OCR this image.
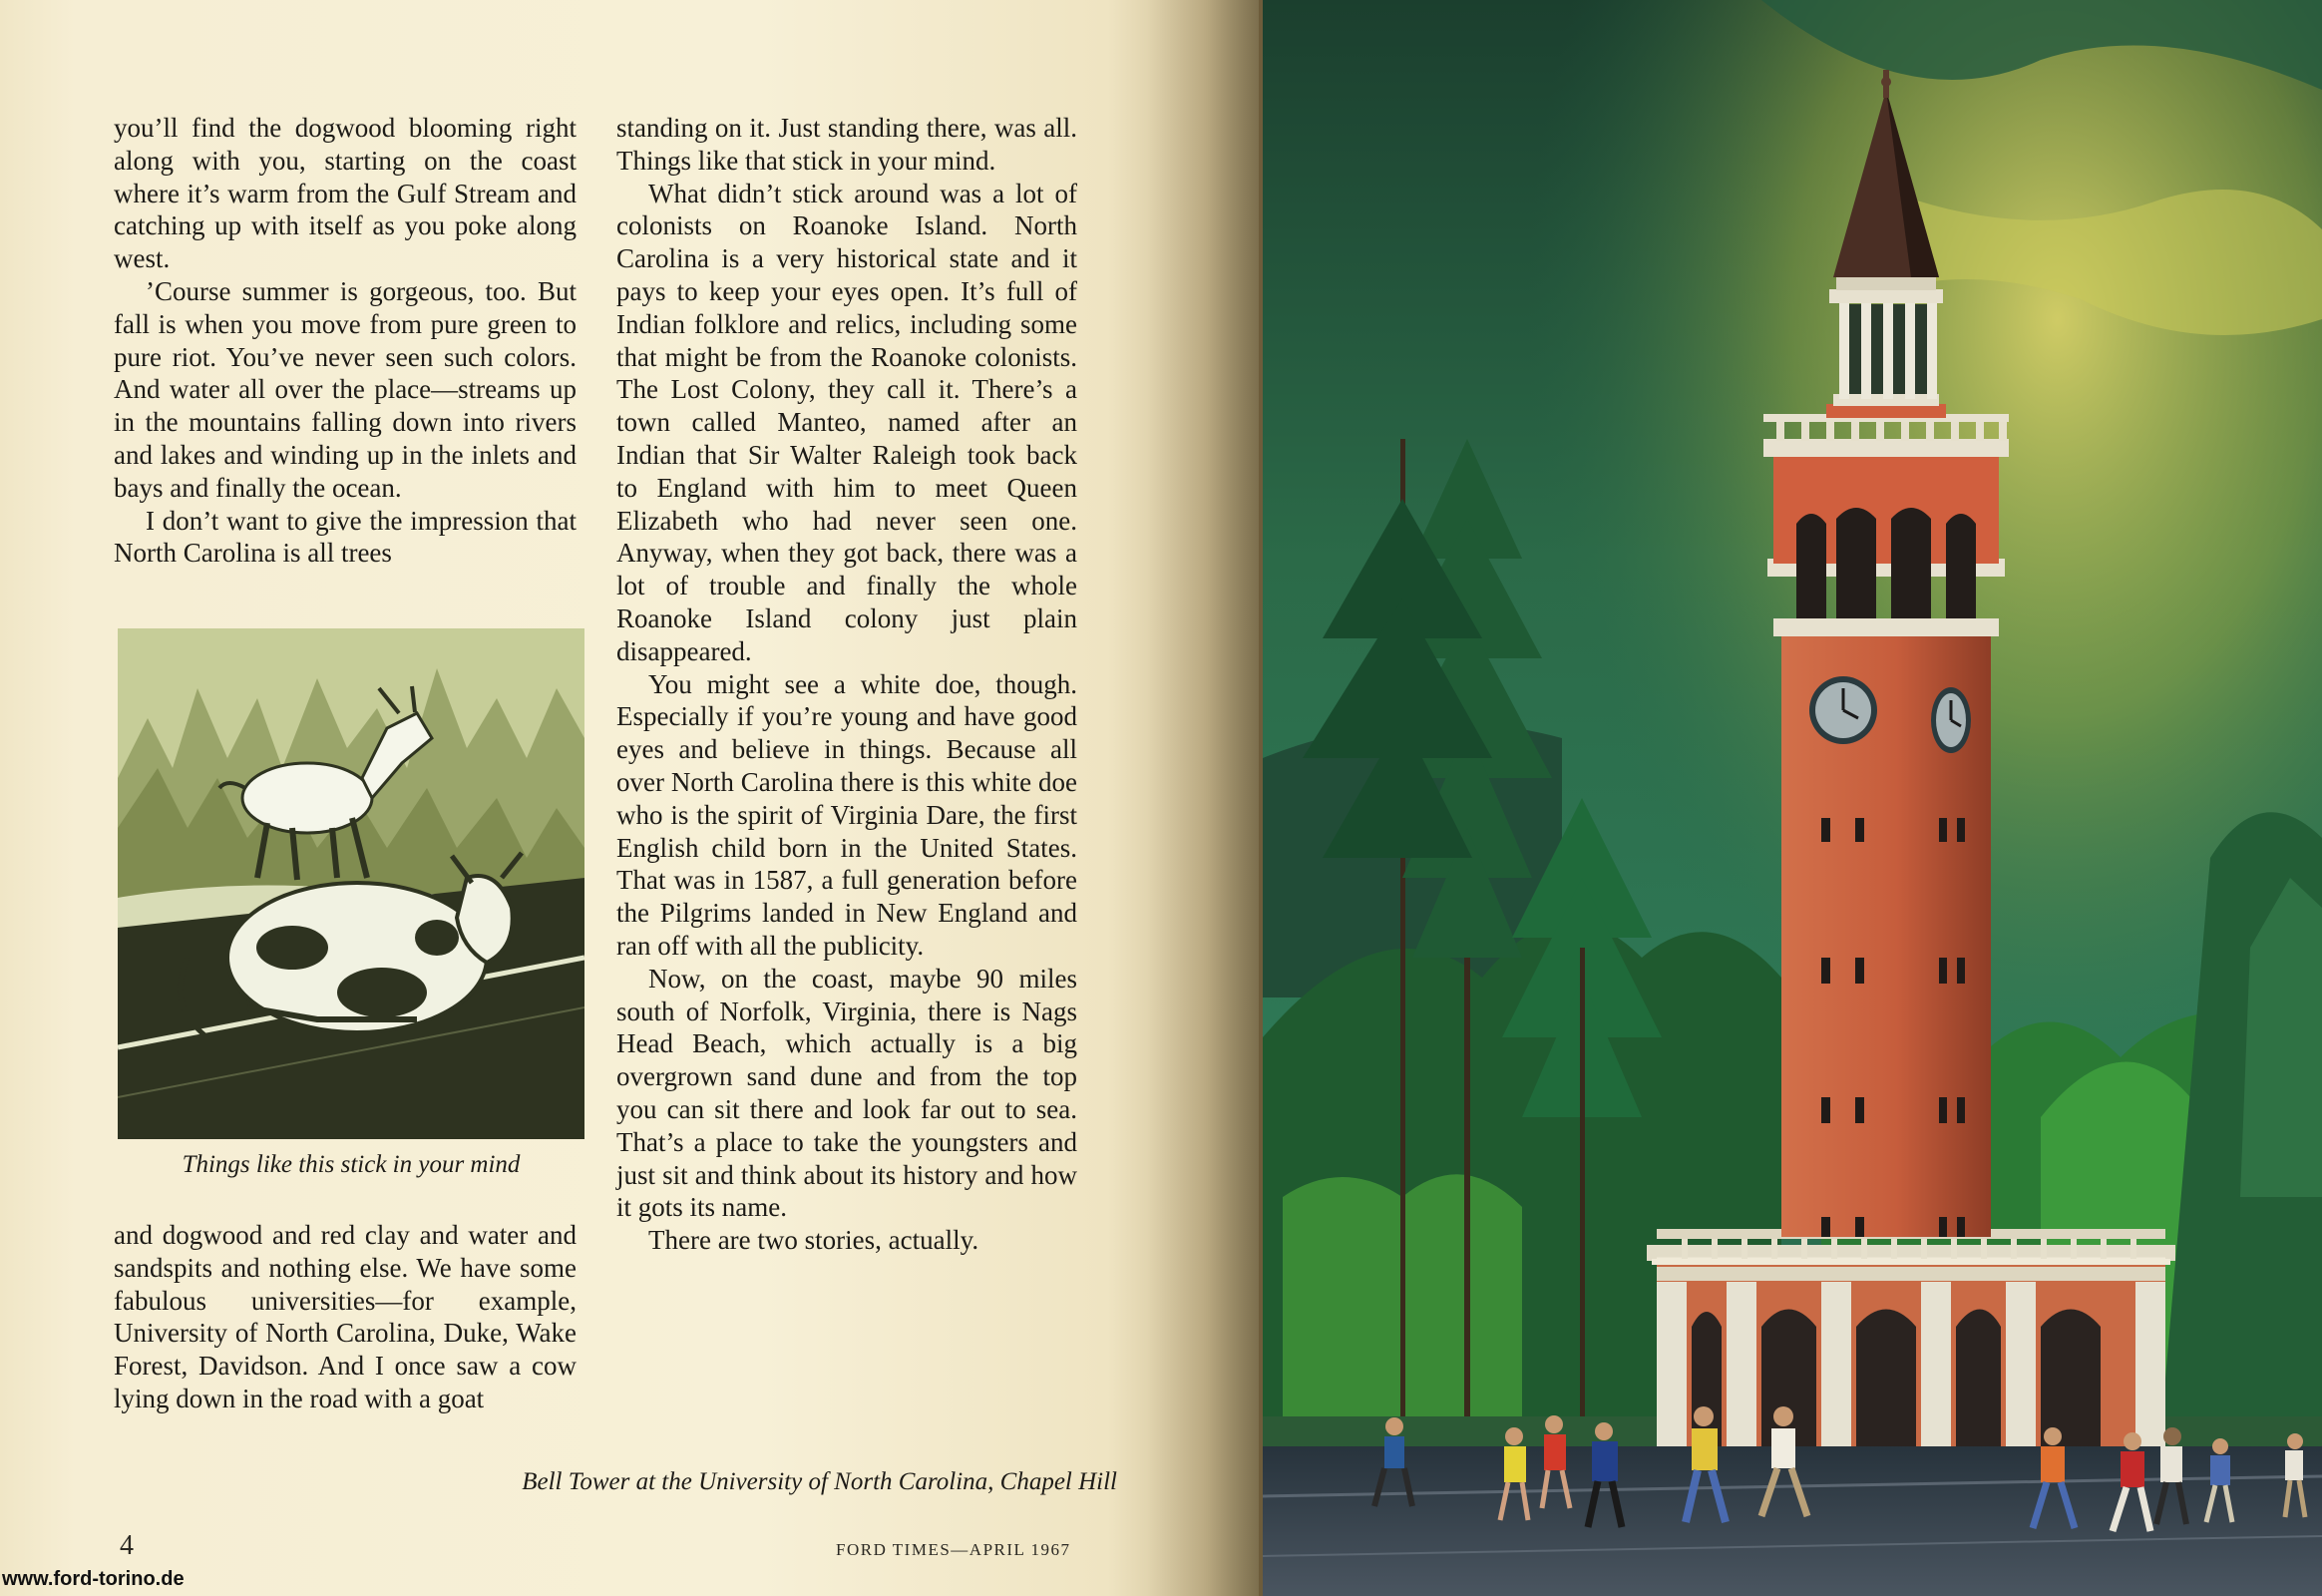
you’ll find the dogwood blooming right along with you, starting on the coast where it’s warm from the Gulf Stream and catching up with itself as you poke along west.

’Course summer is gorgeous, too. But fall is when you move from pure green to pure riot. You’ve never seen such colors. And water all over the place—streams up in the mountains falling down into rivers and lakes and winding up in the inlets and bays and finally the ocean.

I don’t want to give the impression that North Carolina is all trees

Things like this stick in your mind

and dogwood and red clay and water and sandspits and nothing else. We have some fabulous universities—for example, University of North Carolina, Duke, Wake Forest, Davidson. And I once saw a cow lying down in the road with a goat

standing on it. Just standing there, was all. Things like that stick in your mind.

What didn’t stick around was a lot of colonists on Roanoke Island. North Carolina is a very historical state and it pays to keep your eyes open. It’s full of Indian folklore and relics, including some that might be from the Roanoke colonists. The Lost Colony, they call it. There’s a town called Manteo, named after an Indian that Sir Walter Raleigh took back to England with him to meet Queen Elizabeth who had never seen one. Anyway, when they got back, there was a lot of trouble and finally the whole Roanoke Island colony just plain disappeared.

You might see a white doe, though. Especially if you’re young and have good eyes and believe in things. Because all over North Carolina there is this white doe who is the spirit of Virginia Dare, the first English child born in the United States. That was in 1587, a full generation before the Pilgrims landed in New England and ran off with all the publicity.

Now, on the coast, maybe 90 miles south of Norfolk, Virginia, there is Nags Head Beach, which actually is a big overgrown sand dune and from the top you can sit there and look far out to sea. That’s a place to take the youngsters and just sit and think about its history and how it gots its name.

There are two stories, actually.

Bell Tower at the University of North Carolina, Chapel Hill
4	FORD TIMES—APRIL 1967
www.ford-torino.de
